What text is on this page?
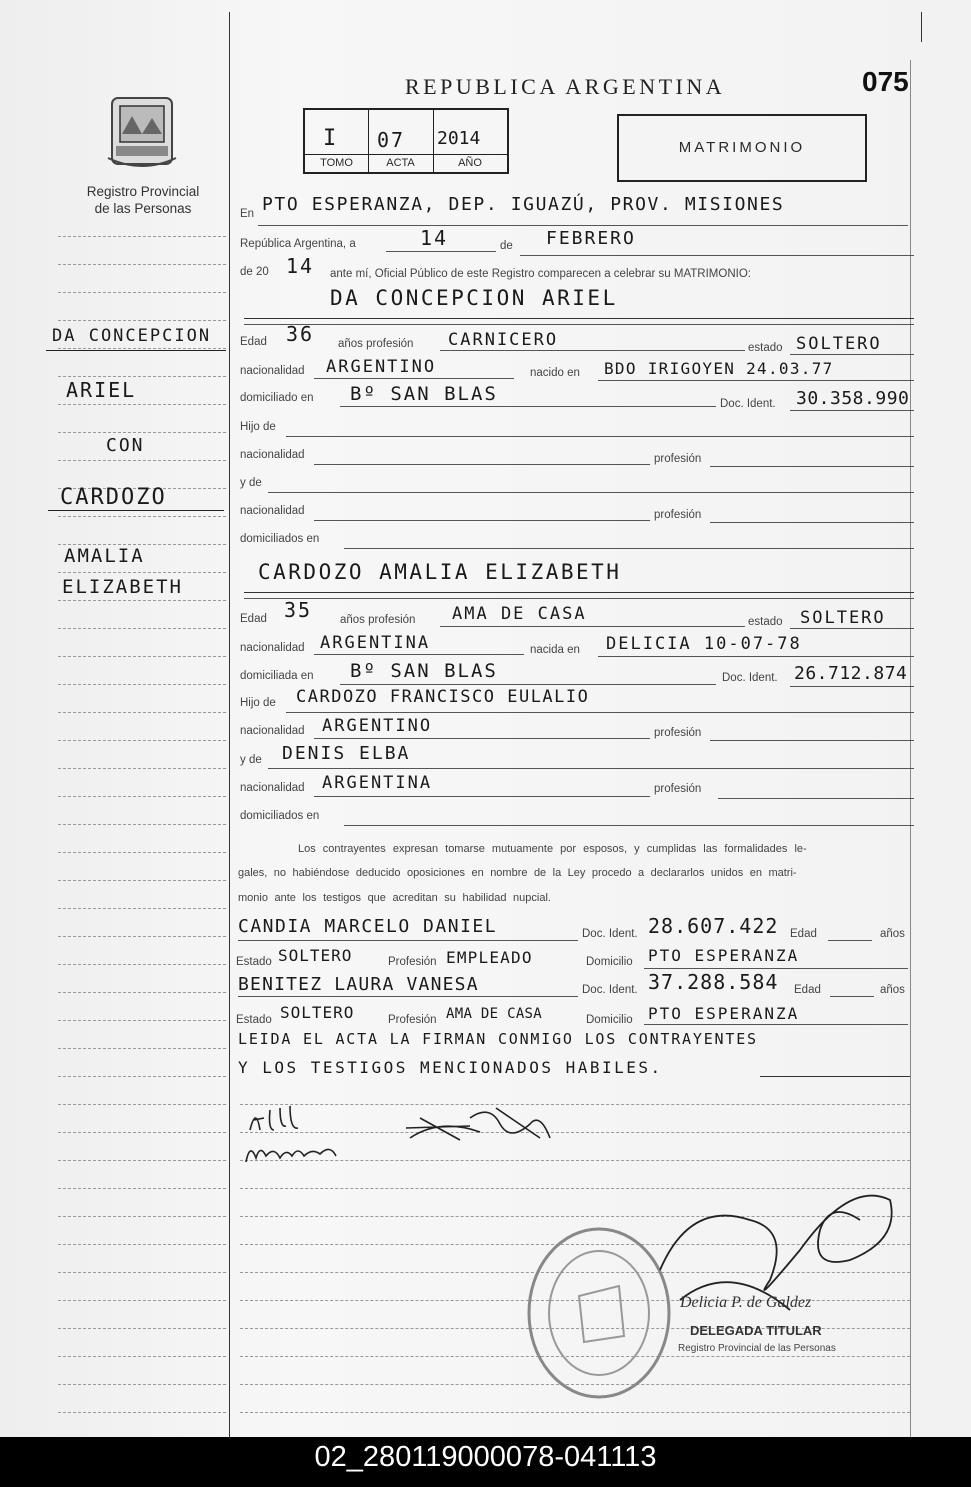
Registro Provincial
de las Personas
DA CONCEPCION
ARIEL
CON
CARDOZO
AMALIA
ELIZABETH
REPUBLICA ARGENTINA	075
I 07 2014
TOMO	ACTA	AÑO
MATRIMONIO
En PTO ESPERANZA, DEP. IGUAZÚ, PROV. MISIONES
República Argentina, a	14	de FEBRERO
de 20 14 ante mí, Oficial Público de este Registro comparecen a celebrar su MATRIMONIO:
DA CONCEPCION ARIEL
Edad 36 años profesión CARNICERO	estado SOLTERO
nacionalidad ARGENTINO	nacido en BDO IRIGOYEN 24.03.77
domiciliado en Bº SAN BLAS	Doc. Ident. 30.358.990
Hijo de
nacionalidad	profesión
y de
nacionalidad	profesión
domiciliados en
CARDOZO AMALIA ELIZABETH
Edad 35 años profesión AMA DE CASA	estado SOLTERO
nacionalidad ARGENTINA	nacida en DELICIA 10-07-78
domiciliada en Bº SAN BLAS	Doc. Ident. 26.712.874
Hijo de CARDOZO FRANCISCO EULALIO
nacionalidad ARGENTINO	profesión
y de DENIS ELBA
nacionalidad ARGENTINA	profesión
domiciliados en
Los contrayentes expresan tomarse mutuamente por esposos, y cumplidas las formalidades le-
gales, no habiéndose deducido oposiciones en nombre de la Ley procedo a declararlos unidos en matri-
monio ante los testigos que acreditan su habilidad nupcial.
CANDIA MARCELO DANIEL	Doc. Ident. 28.607.422 Edad	años
Estado SOLTERO	Profesión EMPLEADO	Domicilio PTO ESPERANZA
BENITEZ LAURA VANESA	Doc. Ident. 37.288.584 Edad	años
Estado SOLTERO	Profesión AMA DE CASA	Domicilio PTO ESPERANZA
LEIDA EL ACTA LA FIRMAN CONMIGO LOS CONTRAYENTES
Y LOS TESTIGOS MENCIONADOS HABILES.
Delicia P. de Galdez
DELEGADA TITULAR
Registro Provincial de las Personas
02_280119000078-041113
